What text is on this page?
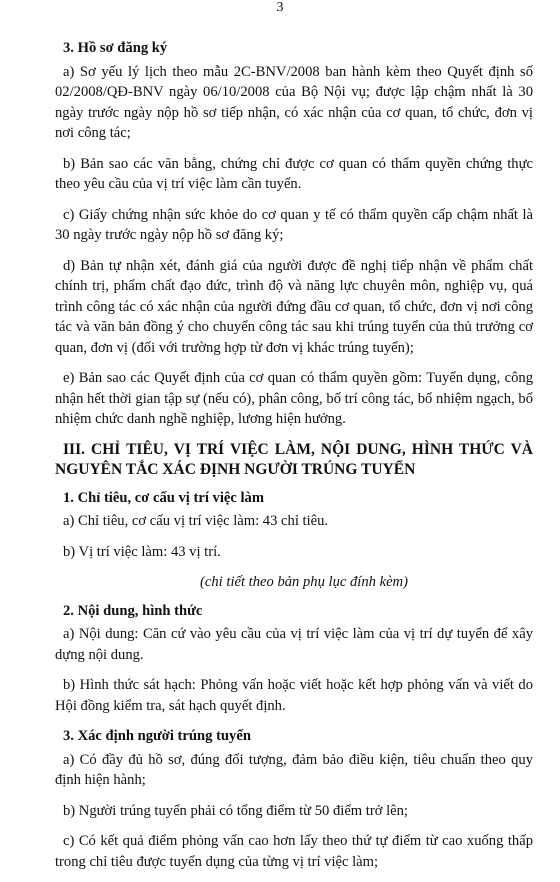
3
3. Hồ sơ đăng ký
a) Sơ yếu lý lịch theo mẫu 2C-BNV/2008 ban hành kèm theo Quyết định số 02/2008/QĐ-BNV ngày 06/10/2008 của Bộ Nội vụ; được lập chậm nhất là 30 ngày trước ngày nộp hồ sơ tiếp nhận, có xác nhận của cơ quan, tổ chức, đơn vị nơi công tác;
b) Bản sao các văn bằng, chứng chỉ được cơ quan có thẩm quyền chứng thực theo yêu cầu của vị trí việc làm cần tuyển.
c) Giấy chứng nhận sức khỏe do cơ quan y tế có thẩm quyền cấp chậm nhất là 30 ngày trước ngày nộp hồ sơ đăng ký;
d) Bản tự nhận xét, đánh giá của người được đề nghị tiếp nhận về phẩm chất chính trị, phẩm chất đạo đức, trình độ và năng lực chuyên môn, nghiệp vụ, quá trình công tác có xác nhận của người đứng đầu cơ quan, tổ chức, đơn vị nơi công tác và văn bản đồng ý cho chuyển công tác sau khi trúng tuyển của thủ trưởng cơ quan, đơn vị (đối với trường hợp từ đơn vị khác trúng tuyển);
e) Bản sao các Quyết định của cơ quan có thẩm quyền gồm: Tuyển dụng, công nhận hết thời gian tập sự (nếu có), phân công, bố trí công tác, bổ nhiệm ngạch, bổ nhiệm chức danh nghề nghiệp, lương hiện hưởng.
III. CHỈ TIÊU, VỊ TRÍ VIỆC LÀM, NỘI DUNG, HÌNH THỨC VÀ NGUYÊN TẮC XÁC ĐỊNH NGƯỜI TRÚNG TUYỂN
1. Chỉ tiêu, cơ cấu vị trí việc làm
a) Chỉ tiêu, cơ cấu vị trí việc làm: 43 chỉ tiêu.
b) Vị trí việc làm: 43 vị trí.
(chi tiết theo bản phụ lục đính kèm)
2. Nội dung, hình thức
a) Nội dung: Căn cứ vào yêu cầu của vị trí việc làm của vị trí dự tuyển để xây dựng nội dung.
b) Hình thức sát hạch: Phỏng vấn hoặc viết hoặc kết hợp phỏng vấn và viết do Hội đồng kiểm tra, sát hạch quyết định.
3. Xác định người trúng tuyển
a) Có đầy đủ hồ sơ, đúng đối tượng, đảm bảo điều kiện, tiêu chuẩn theo quy định hiện hành;
b) Người trúng tuyển phải có tổng điểm từ 50 điểm trở lên;
c) Có kết quả điểm phỏng vấn cao hơn lấy theo thứ tự điểm từ cao xuống thấp trong chỉ tiêu được tuyển dụng của từng vị trí việc làm;
